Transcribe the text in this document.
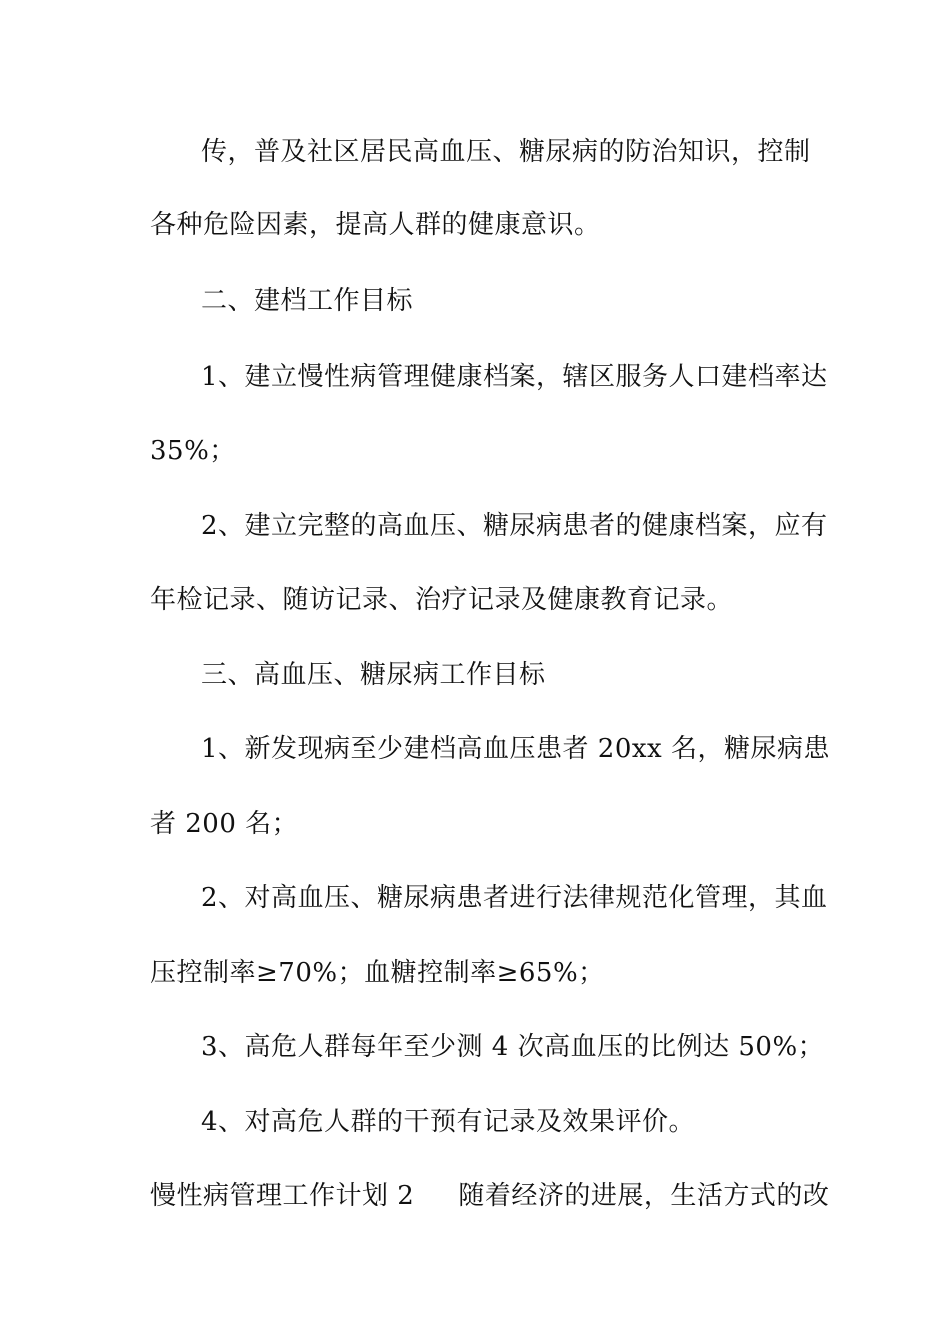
传，普及社区居民高血压、糖尿病的防治知识，控制
各种危险因素，提高人群的健康意识。
二、建档工作目标
1、建立慢性病管理健康档案，辖区服务人口建档率达
35%；
2、建立完整的高血压、糖尿病患者的健康档案，应有
年检记录、随访记录、治疗记录及健康教育记录。
三、高血压、糖尿病工作目标
1、新发现病至少建档高血压患者 20xx 名，糖尿病患
者 200 名；
2、对高血压、糖尿病患者进行法律规范化管理，其血
压控制率≥70%；血糖控制率≥65%；
3、高危人群每年至少测 4 次高血压的比例达 50%；
4、对高危人群的干预有记录及效果评价。
慢性病管理工作计划 2 随着经济的进展，生活方式的改
